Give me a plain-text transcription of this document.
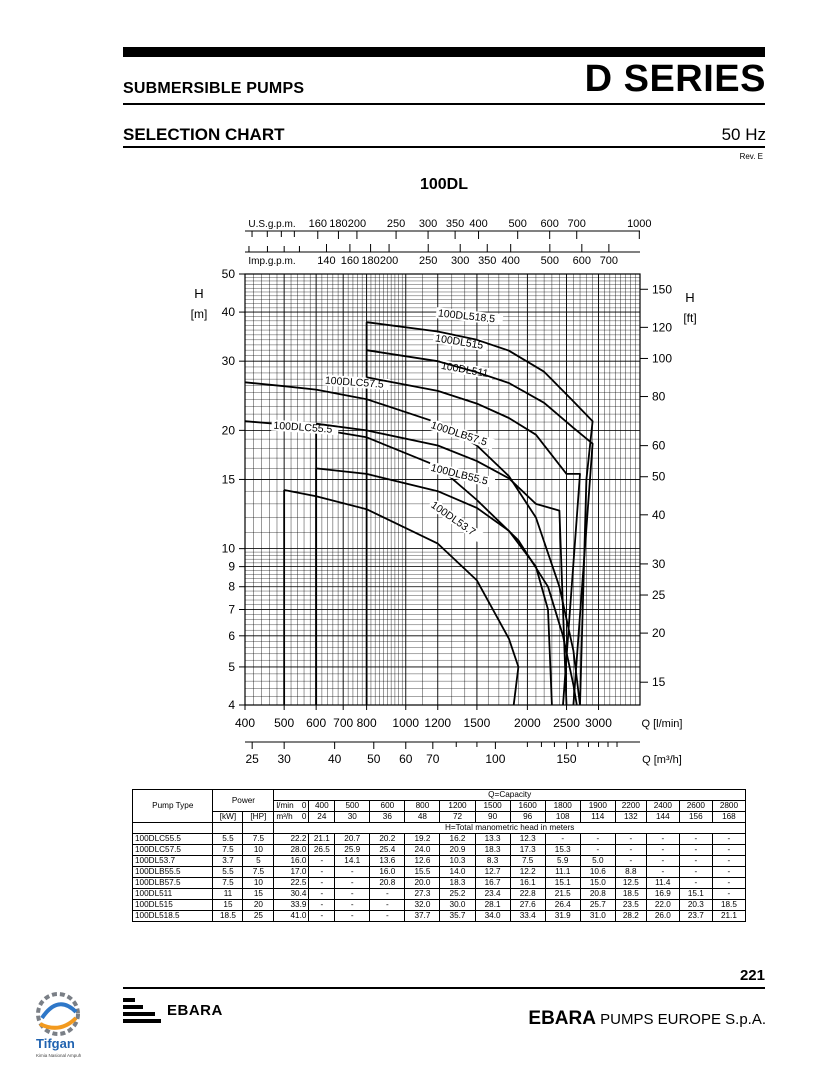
SUBMERSIBLE PUMPS	D SERIES
SELECTION CHART	50 Hz
Rev. E
100DL
400 500 600 700 800 1000 1200 1500 2000 2500 3000	Q [l/min]
4
5
6
7
8
9
10
15
20
30
40
50
H
[m]
15
20
25
30
40
50
60
80
100
120
150
H
[ft]
160 180 200 250 300 350 400 500 600 700	1000
U.S.g.p.m.
140 160 180 200 250 300 350 400 500 600 700
Imp.g.p.m.
25 30	40 50 60 70	100	150	Q [m³/h]
100DLC55.5
100DLC57.5
100DL53.7
100DLB55.5
100DLB57.5
100DL511
100DL515
100DL518.5
Pump Type	Power		Q=Capacity													
			l/min 0	400	500	600	800	1200	1500	1600	1800	1900	2200	2400	2600	2800
	[kW]	[HP]	m³/h 0	24	30	36	48	72	90	96	108	114	132	144	156	168
			H=Total manometric head in meters													
100DLC55.5	5.5	7.5	22.2	21.1	20.7	20.2	19.2	16.2	13.3	12.3	-	-	-	-	-	-
100DLC57.5	7.5	10	28.0	26.5	25.9	25.4	24.0	20.9	18.3	17.3	15.3	-	-	-	-	-
100DL53.7	3.7	5	16.0	-	14.1	13.6	12.6	10.3	8.3	7.5	5.9	5.0	-	-	-	-
100DLB55.5	5.5	7.5	17.0	-	-	16.0	15.5	14.0	12.7	12.2	11.1	10.6	8.8	-	-	-
100DLB57.5	7.5	10	22.5	-	-	20.8	20.0	18.3	16.7	16.1	15.1	15.0	12.5	11.4	-	-
100DL511	11	15	30.4	-	-	-	27.3	25.2	23.4	22.8	21.5	20.8	18.5	16.9	15.1	-
100DL515	15	20	33.9	-	-	-	32.0	30.0	28.1	27.6	26.4	25.7	23.5	22.0	20.3	18.5
100DL518.5	18.5	25	41.0	-	-	-	37.7	35.7	34.0	33.4	31.9	31.0	28.2	26.0	23.7	21.1
221
EBARA	EBARA PUMPS EUROPE S.p.A.
Tifgan
Kimia Nasional Ampuh
